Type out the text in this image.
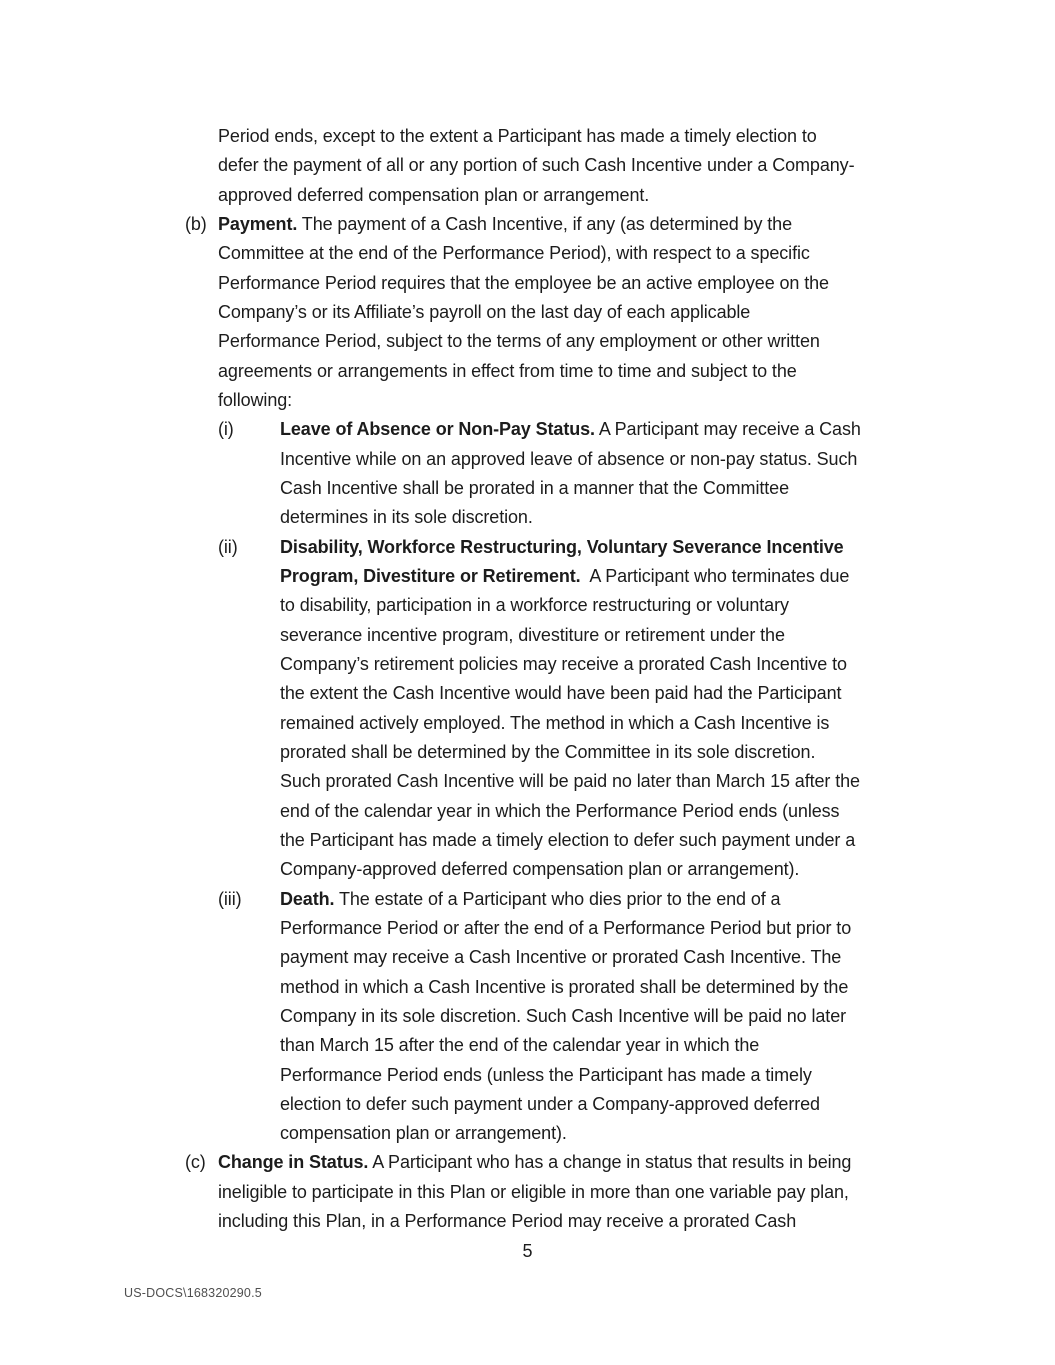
Period ends, except to the extent a Participant has made a timely election to
defer the payment of all or any portion of such Cash Incentive under a Company-
approved deferred compensation plan or arrangement.
(b) Payment. The payment of a Cash Incentive, if any (as determined by the
Committee at the end of the Performance Period), with respect to a specific
Performance Period requires that the employee be an active employee on the
Company’s or its Affiliate’s payroll on the last day of each applicable
Performance Period, subject to the terms of any employment or other written
agreements or arrangements in effect from time to time and subject to the
following:
(i)	Leave of Absence or Non-Pay Status. A Participant may receive a Cash
Incentive while on an approved leave of absence or non-pay status. Such
Cash Incentive shall be prorated in a manner that the Committee
determines in its sole discretion.
(ii) Disability, Workforce Restructuring, Voluntary Severance Incentive
Program, Divestiture or Retirement.  A Participant who terminates due
to disability, participation in a workforce restructuring or voluntary
severance incentive program, divestiture or retirement under the
Company’s retirement policies may receive a prorated Cash Incentive to
the extent the Cash Incentive would have been paid had the Participant
remained actively employed. The method in which a Cash Incentive is
prorated shall be determined by the Committee in its sole discretion.
Such prorated Cash Incentive will be paid no later than March 15 after the
end of the calendar year in which the Performance Period ends (unless
the Participant has made a timely election to defer such payment under a
Company-approved deferred compensation plan or arrangement).
(iii) Death. The estate of a Participant who dies prior to the end of a
Performance Period or after the end of a Performance Period but prior to
payment may receive a Cash Incentive or prorated Cash Incentive. The
method in which a Cash Incentive is prorated shall be determined by the
Company in its sole discretion. Such Cash Incentive will be paid no later
than March 15 after the end of the calendar year in which the
Performance Period ends (unless the Participant has made a timely
election to defer such payment under a Company-approved deferred
compensation plan or arrangement).
(c) Change in Status. A Participant who has a change in status that results in being
ineligible to participate in this Plan or eligible in more than one variable pay plan,
including this Plan, in a Performance Period may receive a prorated Cash
5
US-DOCS\168320290.5
